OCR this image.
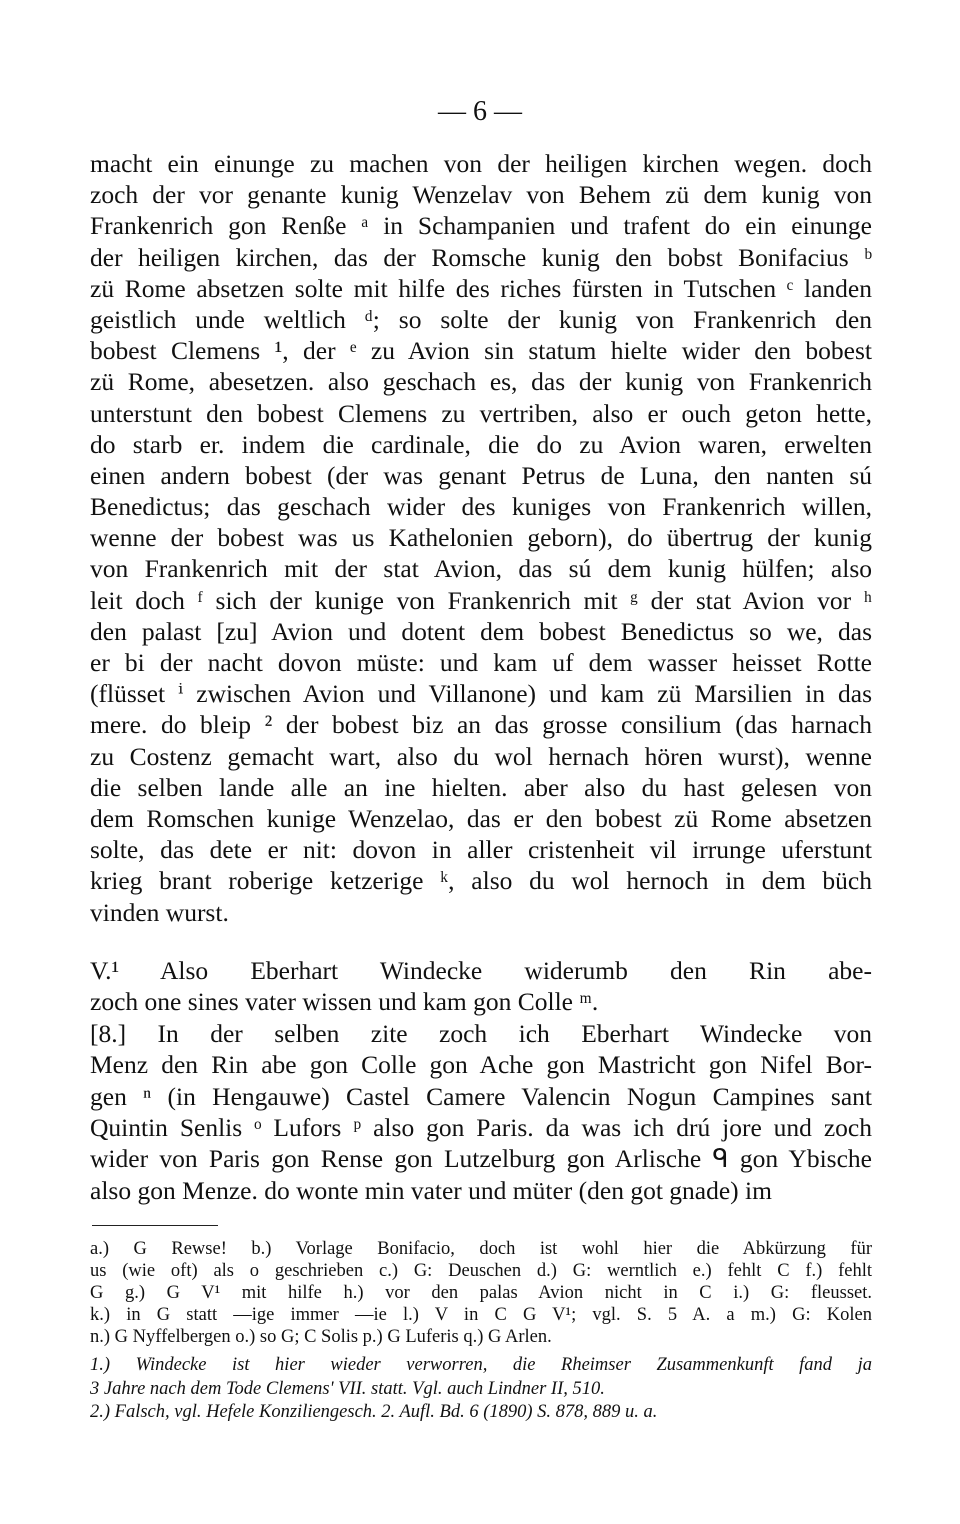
— 6 —
macht ein einunge zu machen von der heiligen kirchen wegen. doch
zoch der vor genante kunig Wenzelav von Behem zü dem kunig von
Frankenrich gon Renße ᵃ in Schampanien und trafent do ein einunge
der heiligen kirchen, das der Romsche kunig den bobst Bonifacius ᵇ
zü Rome absetzen solte mit hilfe des riches fürsten in Tutschen ᶜ landen
geistlich unde weltlich ᵈ; so solte der kunig von Frankenrich den
bobest Clemens ¹, der ᵉ zu Avion sin statum hielte wider den bobest
zü Rome, abesetzen. also geschach es, das der kunig von Frankenrich
unterstunt den bobest Clemens zu vertriben, also er ouch geton hette,
do starb er. indem die cardinale, die do zu Avion waren, erwelten
einen andern bobest (der was genant Petrus de Luna, den nanten sú
Benedictus; das geschach wider des kuniges von Frankenrich willen,
wenne der bobest was us Kathelonien geborn), do übertrug der kunig
von Frankenrich mit der stat Avion, das sú dem kunig hülfen; also
leit doch ᶠ sich der kunige von Frankenrich mit ᵍ der stat Avion vor ʰ
den palast [zu] Avion und dotent dem bobest Benedictus so we, das
er bi der nacht dovon müste: und kam uf dem wasser heisset Rotte
(flüsset ⁱ zwischen Avion und Villanone) und kam zü Marsilien in das
mere. do bleip ² der bobest biz an das grosse consilium (das harnach
zu Costenz gemacht wart, also du wol hernach hören wurst), wenne
die selben lande alle an ine hielten. aber also du hast gelesen von
dem Romschen kunige Wenzelao, das er den bobest zü Rome absetzen
solte, das dete er nit: dovon in aller cristenheit vil irrunge uferstunt
krieg brant roberige ketzerige ᵏ, also du wol hernoch in dem büch
vinden wurst.
V.¹ Also Eberhart Windecke widerumb den Rin abe-
zoch one sines vater wissen und kam gon Colle ᵐ.
[8.] In der selben zite zoch ich Eberhart Windecke von
Menz den Rin abe gon Colle gon Ache gon Mastricht gon Nifel Bor-
gen ⁿ (in Hengauwe) Castel Camere Valencin Nogun Campines sant
Quintin Senlis ᵒ Lufors ᵖ also gon Paris. da was ich drú jore und zoch
wider von Paris gon Rense gon Lutzelburg gon Arlische ᑫ gon Ybische
also gon Menze. do wonte min vater und müter (den got gnade) im
a.) G Rewse! b.) Vorlage Bonifacio, doch ist wohl hier die Abkürzung für
us (wie oft) als o geschrieben c.) G: Deuschen d.) G: werntlich e.) fehlt C f.) fehlt
G g.) G V¹ mit hilfe h.) vor den palas Avion nicht in C i.) G: fleusset.
k.) in G statt —ige immer —ie l.) V in C G V¹; vgl. S. 5 A. a m.) G: Kolen
n.) G Nyffelbergen o.) so G; C Solis p.) G Luferis q.) G Arlen.
1.) Windecke ist hier wieder verworren, die Rheimser Zusammenkunft fand ja
3 Jahre nach dem Tode Clemens' VII. statt. Vgl. auch Lindner II, 510.
2.) Falsch, vgl. Hefele Konziliengesch. 2. Aufl. Bd. 6 (1890) S. 878, 889 u. a.
